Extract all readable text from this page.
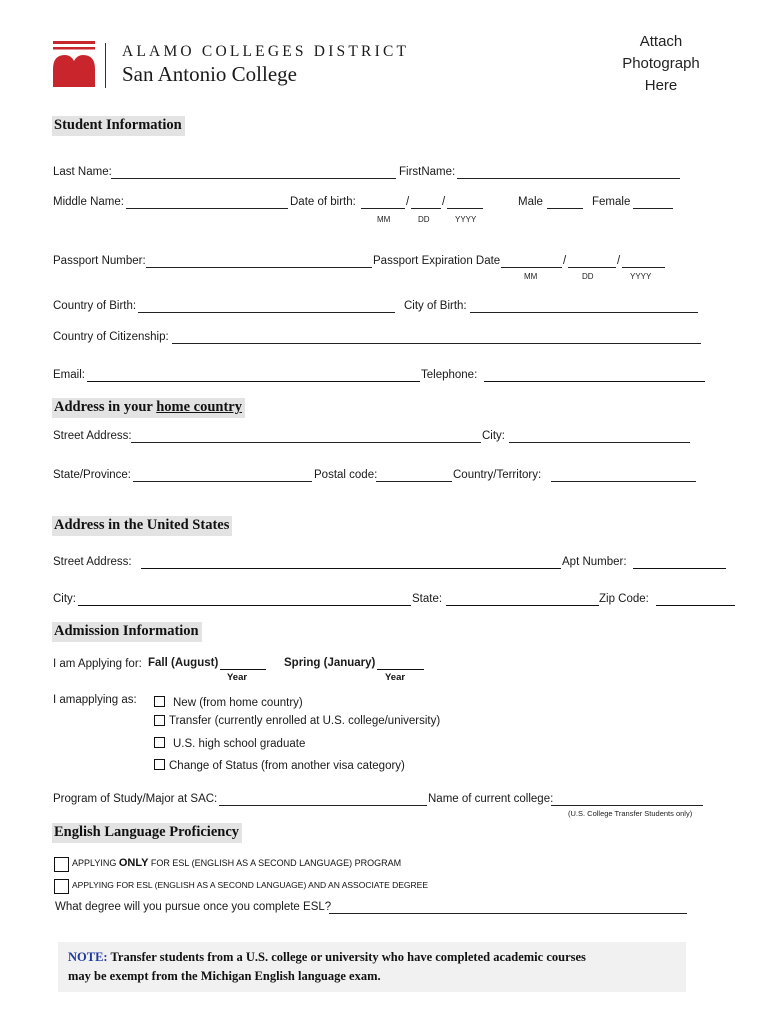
ALAMO COLLEGES DISTRICT
San Antonio College
Attach
Photograph
Here
Student Information
Last Name:	FirstName:
Middle Name:	Date of birth:	/	/
MM	DD	YYYY
Male	Female
Passport Number:	Passport Expiration Date	/	/
MM	DD	YYYY
Country of Birth:	City of Birth:
Country of Citizenship:
Email:	Telephone:
Address in your home country
Street Address:	City:
State/Province:	Postal code:	Country/Territory:
Address in the United States
Street Address:	Apt Number:
City:	State:	Zip Code:
Admission Information
I am Applying for: Fall (August)
Year
Spring (January)
Year
I amapplying as:	New (from home country)
Transfer (currently enrolled at U.S. college/university)
U.S. high school graduate
Change of Status (from another visa category)
Program of Study/Major at SAC:	Name of current college:
(U.S. College Transfer Students only)
English Language Proficiency
APPLYING ONLY FOR ESL (ENGLISH AS A SECOND LANGUAGE) PROGRAM
APPLYING FOR ESL (ENGLISH AS A SECOND LANGUAGE) AND AN ASSOCIATE DEGREE
What degree will you pursue once you complete ESL?
NOTE: Transfer students from a U.S. college or university who have completed academic courses
may be exempt from the Michigan English language exam.
